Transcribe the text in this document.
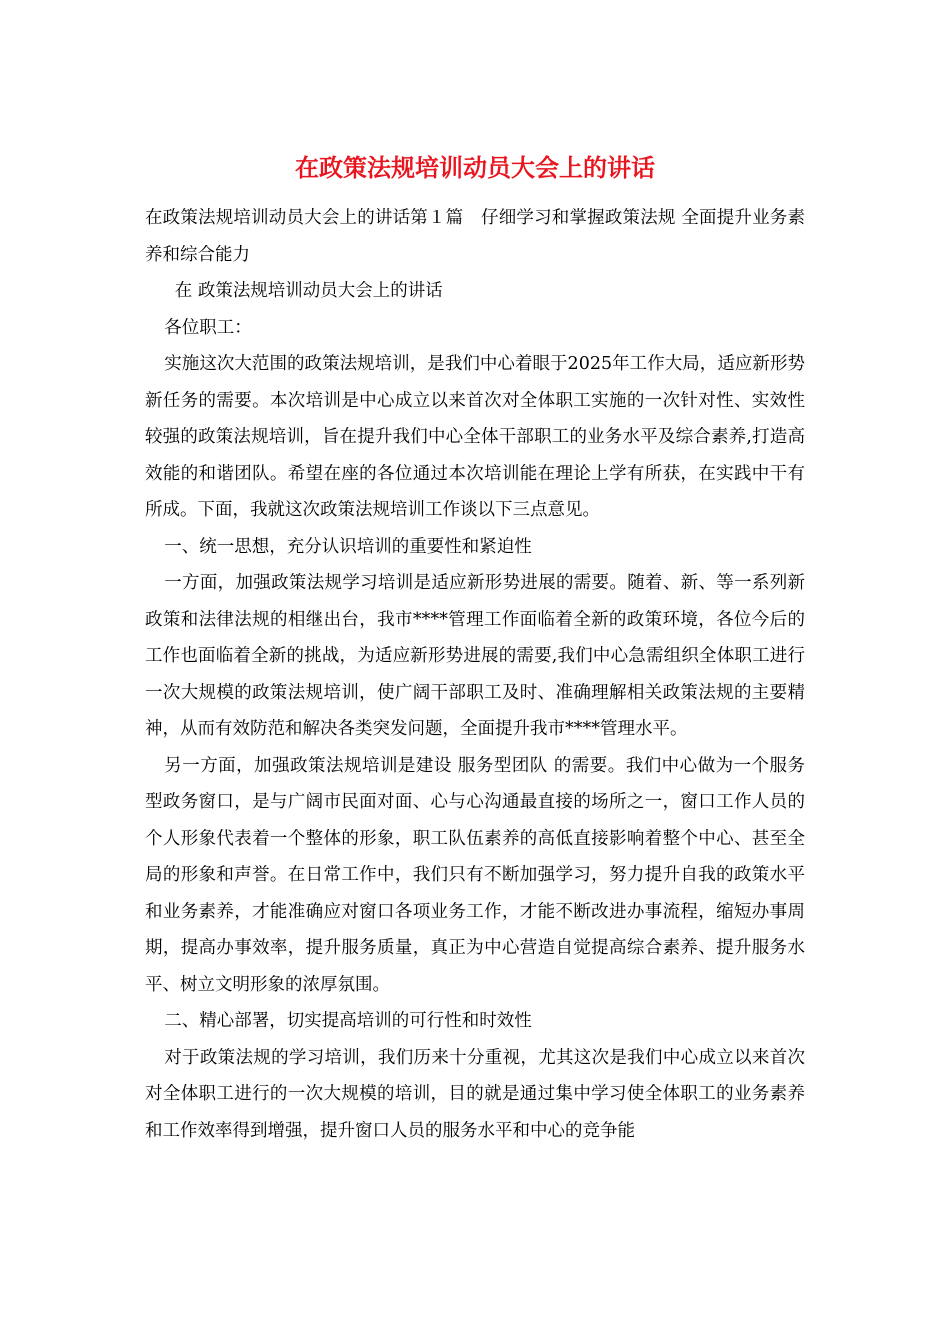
在政策法规培训动员大会上的讲话

在政策法规培训动员大会上的讲话第１篇　仔细学习和掌握政策法规 全面提升业务素养和综合能力

在 政策法规培训动员大会上的讲话

各位职工：

实施这次大范围的政策法规培训，是我们中心着眼于2025年工作大局，适应新形势新任务的需要。本次培训是中心成立以来首次对全体职工实施的一次针对性、实效性较强的政策法规培训，旨在提升我们中心全体干部职工的业务水平及综合素养,打造高效能的和谐团队。希望在座的各位通过本次培训能在理论上学有所获，在实践中干有所成。下面，我就这次政策法规培训工作谈以下三点意见。

一、统一思想，充分认识培训的重要性和紧迫性

一方面，加强政策法规学习培训是适应新形势进展的需要。随着、新、等一系列新政策和法律法规的相继出台，我市****管理工作面临着全新的政策环境，各位今后的工作也面临着全新的挑战，为适应新形势进展的需要,我们中心急需组织全体职工进行一次大规模的政策法规培训，使广阔干部职工及时、准确理解相关政策法规的主要精神，从而有效防范和解决各类突发问题，全面提升我市****管理水平。

另一方面，加强政策法规培训是建设 服务型团队 的需要。我们中心做为一个服务型政务窗口，是与广阔市民面对面、心与心沟通最直接的场所之一，窗口工作人员的个人形象代表着一个整体的形象，职工队伍素养的高低直接影响着整个中心、甚至全局的形象和声誉。在日常工作中，我们只有不断加强学习，努力提升自我的政策水平和业务素养，才能准确应对窗口各项业务工作，才能不断改进办事流程，缩短办事周期，提高办事效率，提升服务质量，真正为中心营造自觉提高综合素养、提升服务水平、树立文明形象的浓厚氛围。

二、精心部署，切实提高培训的可行性和时效性

对于政策法规的学习培训，我们历来十分重视，尤其这次是我们中心成立以来首次对全体职工进行的一次大规模的培训，目的就是通过集中学习使全体职工的业务素养和工作效率得到增强，提升窗口人员的服务水平和中心的竞争能
